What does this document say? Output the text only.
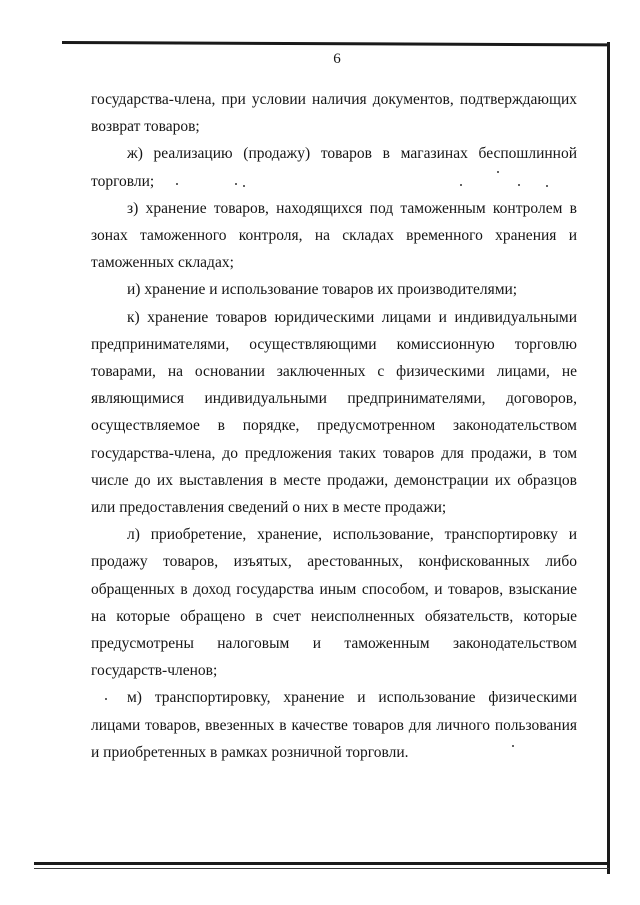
6

государства-члена, при условии наличия документов, подтверждающих возврат товаров;

ж) реализацию (продажу) товаров в магазинах беспошлинной торговли;

з) хранение товаров, находящихся под таможенным контролем в зонах таможенного контроля, на складах временного хранения и таможенных складах;

и) хранение и использование товаров их производителями;

к) хранение товаров юридическими лицами и индивидуальными предпринимателями, осуществляющими комиссионную торговлю товарами, на основании заключенных с физическими лицами, не являющимися индивидуальными предпринимателями, договоров, осуществляемое в порядке, предусмотренном законодательством государства-члена, до предложения таких товаров для продажи, в том числе до их выставления в месте продажи, демонстрации их образцов или предоставления сведений о них в месте продажи;

л) приобретение, хранение, использование, транспортировку и продажу товаров, изъятых, арестованных, конфискованных либо обращенных в доход государства иным способом, и товаров, взыскание на которые обращено в счет неисполненных обязательств, которые предусмотрены налоговым и таможенным законодательством государств-членов;

м) транспортировку, хранение и использование физическими лицами товаров, ввезенных в качестве товаров для личного пользования и приобретенных в рамках розничной торговли.
